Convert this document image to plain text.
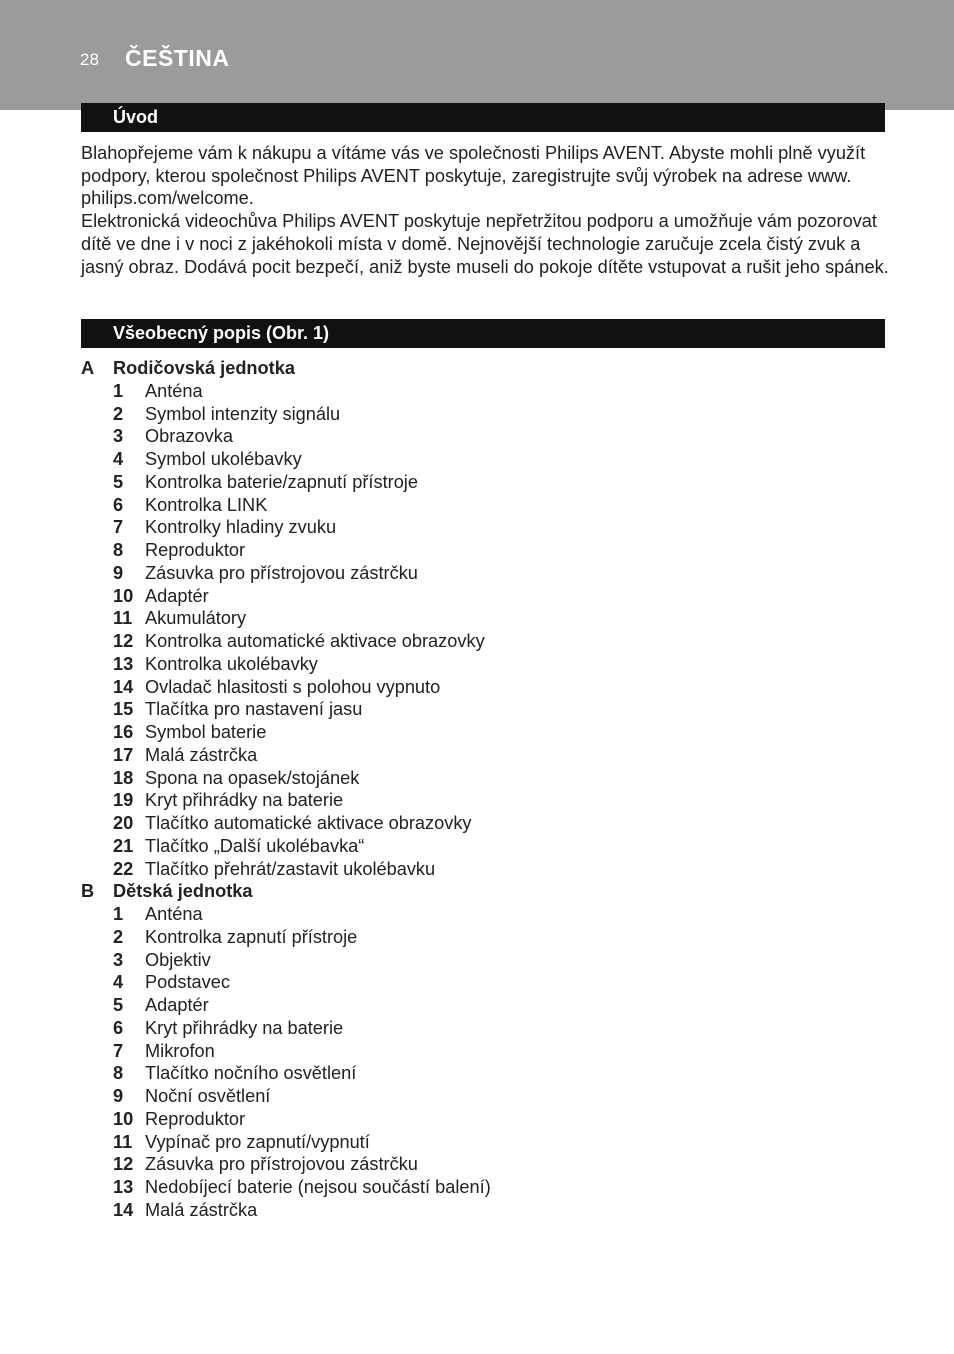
28 ČEŠTINA
Úvod

Blahopřejeme vám k nákupu a vítáme vás ve společnosti Philips AVENT. Abyste mohli plně využít podpory, kterou společnost Philips AVENT poskytuje, zaregistrujte svůj výrobek na adrese www. philips.com/welcome.

Elektronická videochůva Philips AVENT poskytuje nepřetržitou podporu a umožňuje vám pozorovat dítě ve dne i v noci z jakéhokoli místa v domě. Nejnovější technologie zaručuje zcela čistý zvuk a jasný obraz. Dodává pocit bezpečí, aniž byste museli do pokoje dítěte vstupovat a rušit jeho spánek.

Všeobecný popis (Obr. 1)
A Rodičovská jednotka
1 Anténa
2 Symbol intenzity signálu
3 Obrazovka
4 Symbol ukolébavky
5 Kontrolka baterie/zapnutí přístroje
6 Kontrolka LINK
7 Kontrolky hladiny zvuku
8 Reproduktor
9 Zásuvka pro přístrojovou zástrčku
10 Adaptér
11 Akumulátory
12 Kontrolka automatické aktivace obrazovky
13 Kontrolka ukolébavky
14 Ovladač hlasitosti s polohou vypnuto
15 Tlačítka pro nastavení jasu
16 Symbol baterie
17 Malá zástrčka
18 Spona na opasek/stojánek
19 Kryt přihrádky na baterie
20 Tlačítko automatické aktivace obrazovky
21 Tlačítko „Další ukolébavka“
22 Tlačítko přehrát/zastavit ukolébavku
B Dětská jednotka
1 Anténa
2 Kontrolka zapnutí přístroje
3 Objektiv
4 Podstavec
5 Adaptér
6 Kryt přihrádky na baterie
7 Mikrofon
8 Tlačítko nočního osvětlení
9 Noční osvětlení
10 Reproduktor
11 Vypínač pro zapnutí/vypnutí
12 Zásuvka pro přístrojovou zástrčku
13 Nedobíjecí baterie (nejsou součástí balení)
14 Malá zástrčka
